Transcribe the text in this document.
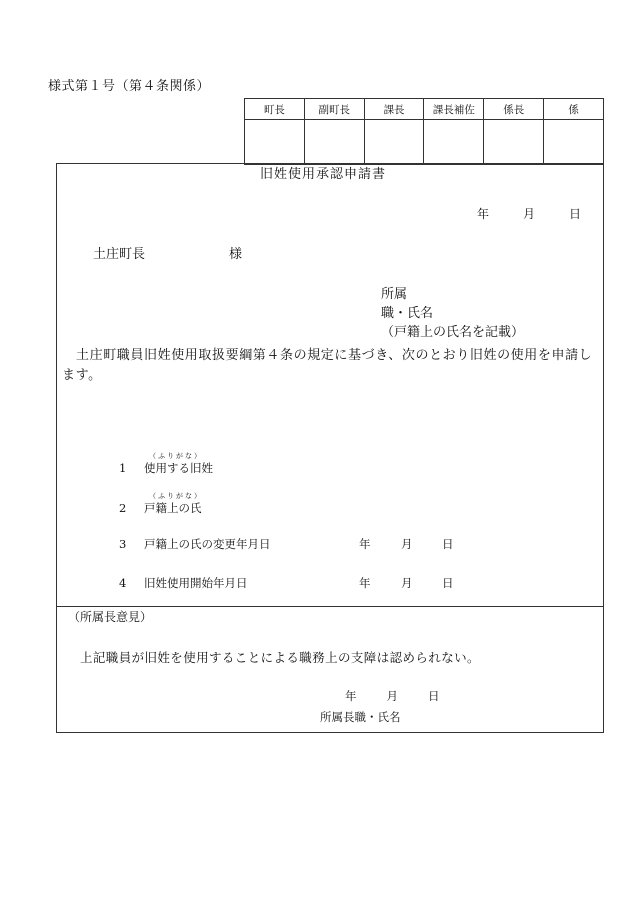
様式第１号（第４条関係）
町長	副町長	課長	課長補佐	係長	係

旧姓使用承認申請書
年	月	日
土庄町長	様
所属
職・氏名
（戸籍上の氏名を記載）
土庄町職員旧姓使用取扱要綱第４条の規定に基づき、次のとおり旧姓の使用を申請します。
（ふりがな）
1 使用する旧姓
（ふりがな）
2 戸籍上の氏
3 戸籍上の氏の変更年月日	年	月	日
4 旧姓使用開始年月日	年	月	日
（所属長意見）
上記職員が旧姓を使用することによる職務上の支障は認められない。
年	月	日
所属長職・氏名
